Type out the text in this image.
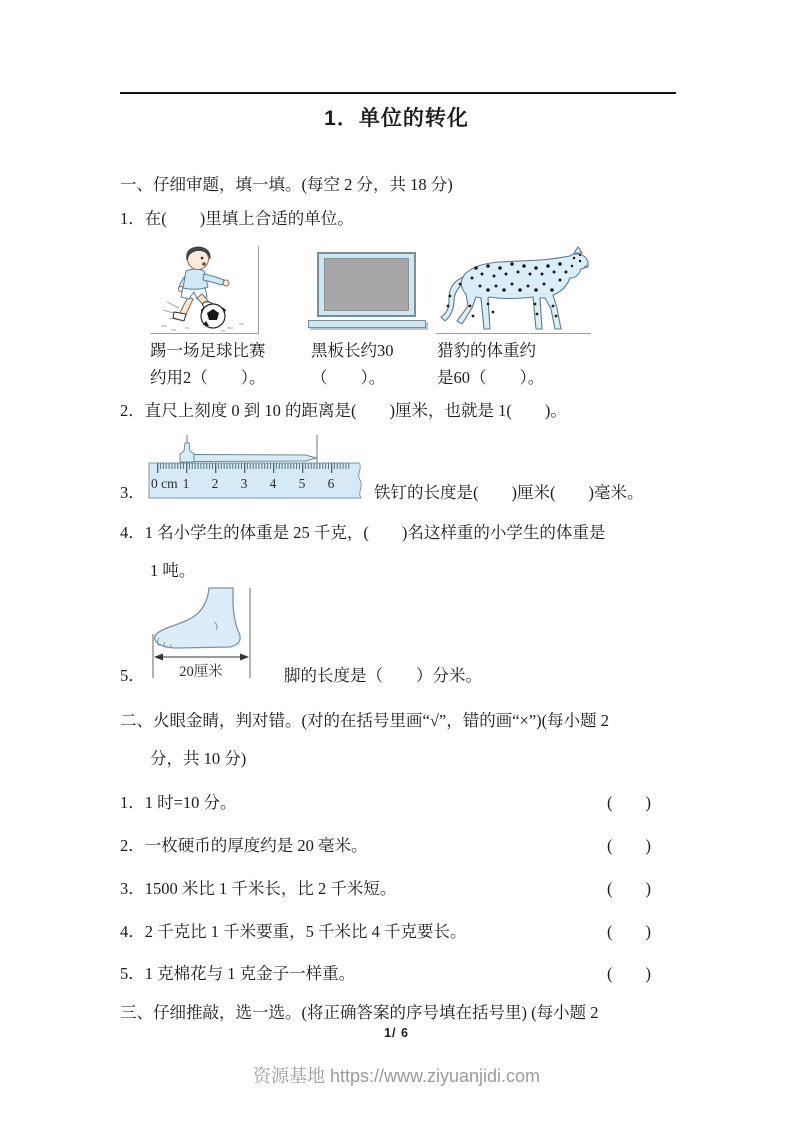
1．单位的转化
一、仔细审题，填一填。(每空 2 分，共 18 分)
1．在(　　)里填上合适的单位。
踢一场足球比赛
约用2（　　）。
黑板长约30
（　　）。
猎豹的体重约
是60（　　）。
2．直尺上刻度 0 到 10 的距离是(　　)厘米，也就是 1(　　)。
0 cm 1 2 3 4 5 6
3．	铁钉的长度是(　　)厘米(　　)毫米。
4．1 名小学生的体重是 25 千克，(　　)名这样重的小学生的体重是
1 吨。
20厘米
5．	脚的长度是（　　）分米。
二、火眼金睛，判对错。(对的在括号里画“√”，错的画“×”)(每小题 2
分，共 10 分)
1．1 时=10 分。	(　　)
2．一枚硬币的厚度约是 20 毫米。	(　　)
3．1500 米比 1 千米长，比 2 千米短。	(　　)
4．2 千克比 1 千米要重，5 千米比 4 千克要长。	(　　)
5．1 克棉花与 1 克金子一样重。	(　　)
三、仔细推敲，选一选。(将正确答案的序号填在括号里) (每小题 2
1/ 6
资源基地 https://www.ziyuanjidi.com
